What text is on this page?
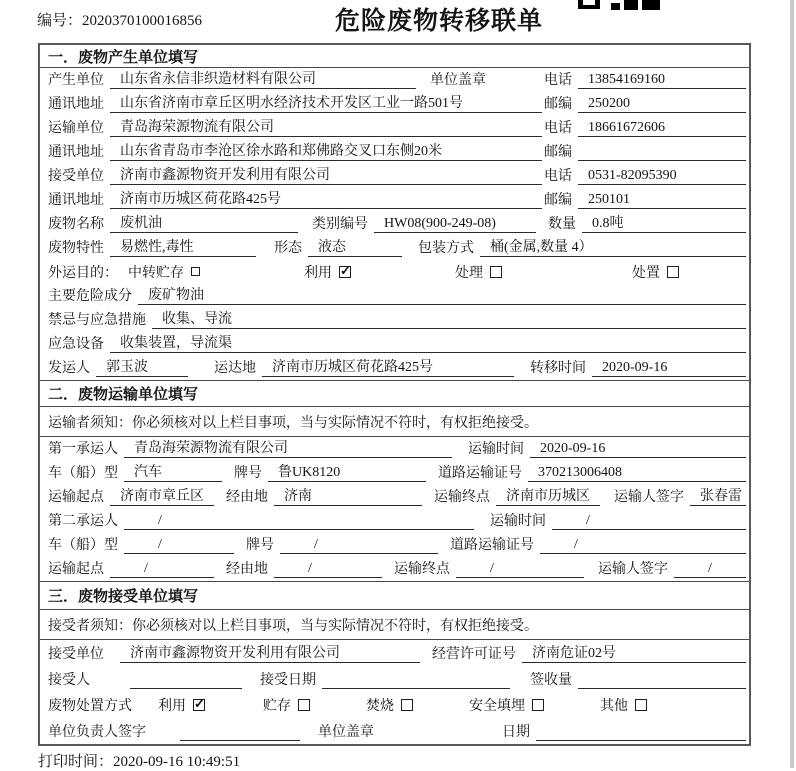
编号：2020370100016856	危险废物转移联单
一．废物产生单位填写
产生单位	山东省永信非织造材料有限公司	单位盖章	电话	13854169160
通讯地址	山东省济南市章丘区明水经济技术开发区工业一路501号	邮编	250200
运输单位	青岛海荣源物流有限公司	电话	18661672606
通讯地址	山东省青岛市李沧区徐水路和郑佛路交叉口东侧20米	邮编
接受单位	济南市鑫源物资开发利用有限公司	电话	0531-82095390
通讯地址	济南市历城区荷花路425号	邮编	250101
废物名称	废机油	类别编号	HW08(900-249-08)	数量	0.8吨
废物特性	易燃性,毒性	形态	液态	包装方式	桶(金属,数量 4）
外运目的： 中转贮存	利用 ✓	处理	处置
主要危险成分	废矿物油
禁忌与应急措施	收集、导流
应急设备	收集装置，导流渠
发运人	郭玉波	运达地	济南市历城区荷花路425号	转移时间	2020-09-16
二．废物运输单位填写
运输者须知： 你必须核对以上栏目事项，当与实际情况不符时，有权拒绝接受。
第一承运人	青岛海荣源物流有限公司	运输时间	2020-09-16
车（船）型	汽车	牌号	鲁UK8120	道路运输证号	370213006408
运输起点	济南市章丘区	经由地	济南	运输终点	济南市历城区	运输人签字	张春雷
第二承运人	/	运输时间	/
车（船）型	/	牌号	/	道路运输证号	/
运输起点	/	经由地	/	运输终点	/	运输人签字	/
三．废物接受单位填写
接受者须知： 你必须核对以上栏目事项，当与实际情况不符时，有权拒绝接受。
接受单位	济南市鑫源物资开发利用有限公司	经营许可证号	济南危证02号
接受人	接受日期	签收量
废物处置方式 利用 ✓	贮存	焚烧	安全填埋	其他
单位负责人签字	单位盖章	日期
打印时间：2020-09-16 10:49:51
